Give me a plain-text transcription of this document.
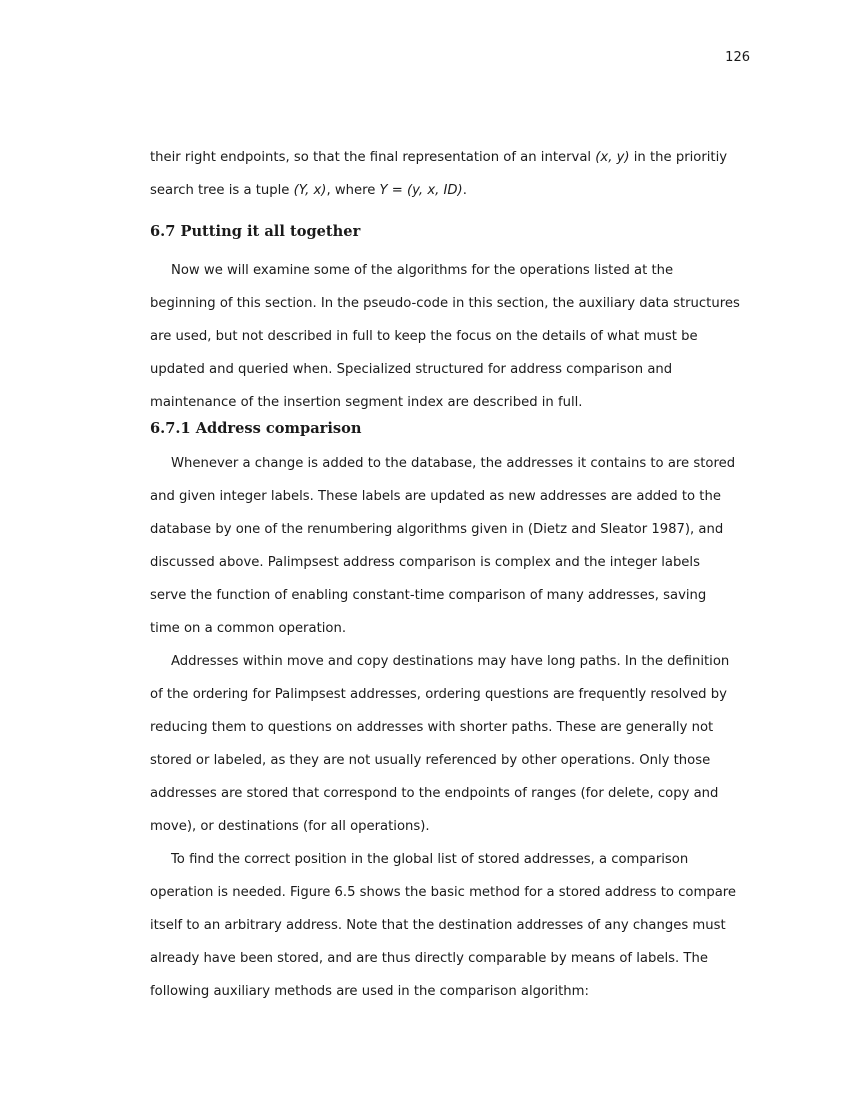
126

their right endpoints, so that the final representation of an interval (x, y) in the prioritiy search tree is a tuple (Y, x), where Y = (y, x, ID).

6.7 Putting it all together

Now we will examine some of the algorithms for the operations listed at the beginning of this section. In the pseudo-code in this section, the auxiliary data structures are used, but not described in full to keep the focus on the details of what must be updated and queried when. Specialized structured for address comparison and maintenance of the insertion segment index are described in full.

6.7.1 Address comparison

Whenever a change is added to the database, the addresses it contains to are stored and given integer labels. These labels are updated as new addresses are added to the database by one of the renumbering algorithms given in (Dietz and Sleator 1987), and discussed above. Palimpsest address comparison is complex and the integer labels serve the function of enabling constant-time comparison of many addresses, saving time on a common operation.

Addresses within move and copy destinations may have long paths. In the definition of the ordering for Palimpsest addresses, ordering questions are frequently resolved by reducing them to questions on addresses with shorter paths. These are generally not stored or labeled, as they are not usually referenced by other operations. Only those addresses are stored that correspond to the endpoints of ranges (for delete, copy and move), or destinations (for all operations).

To find the correct position in the global list of stored addresses, a comparison operation is needed. Figure 6.5 shows the basic method for a stored address to compare itself to an arbitrary address. Note that the destination addresses of any changes must already have been stored, and are thus directly comparable by means of labels. The following auxiliary methods are used in the comparison algorithm:
